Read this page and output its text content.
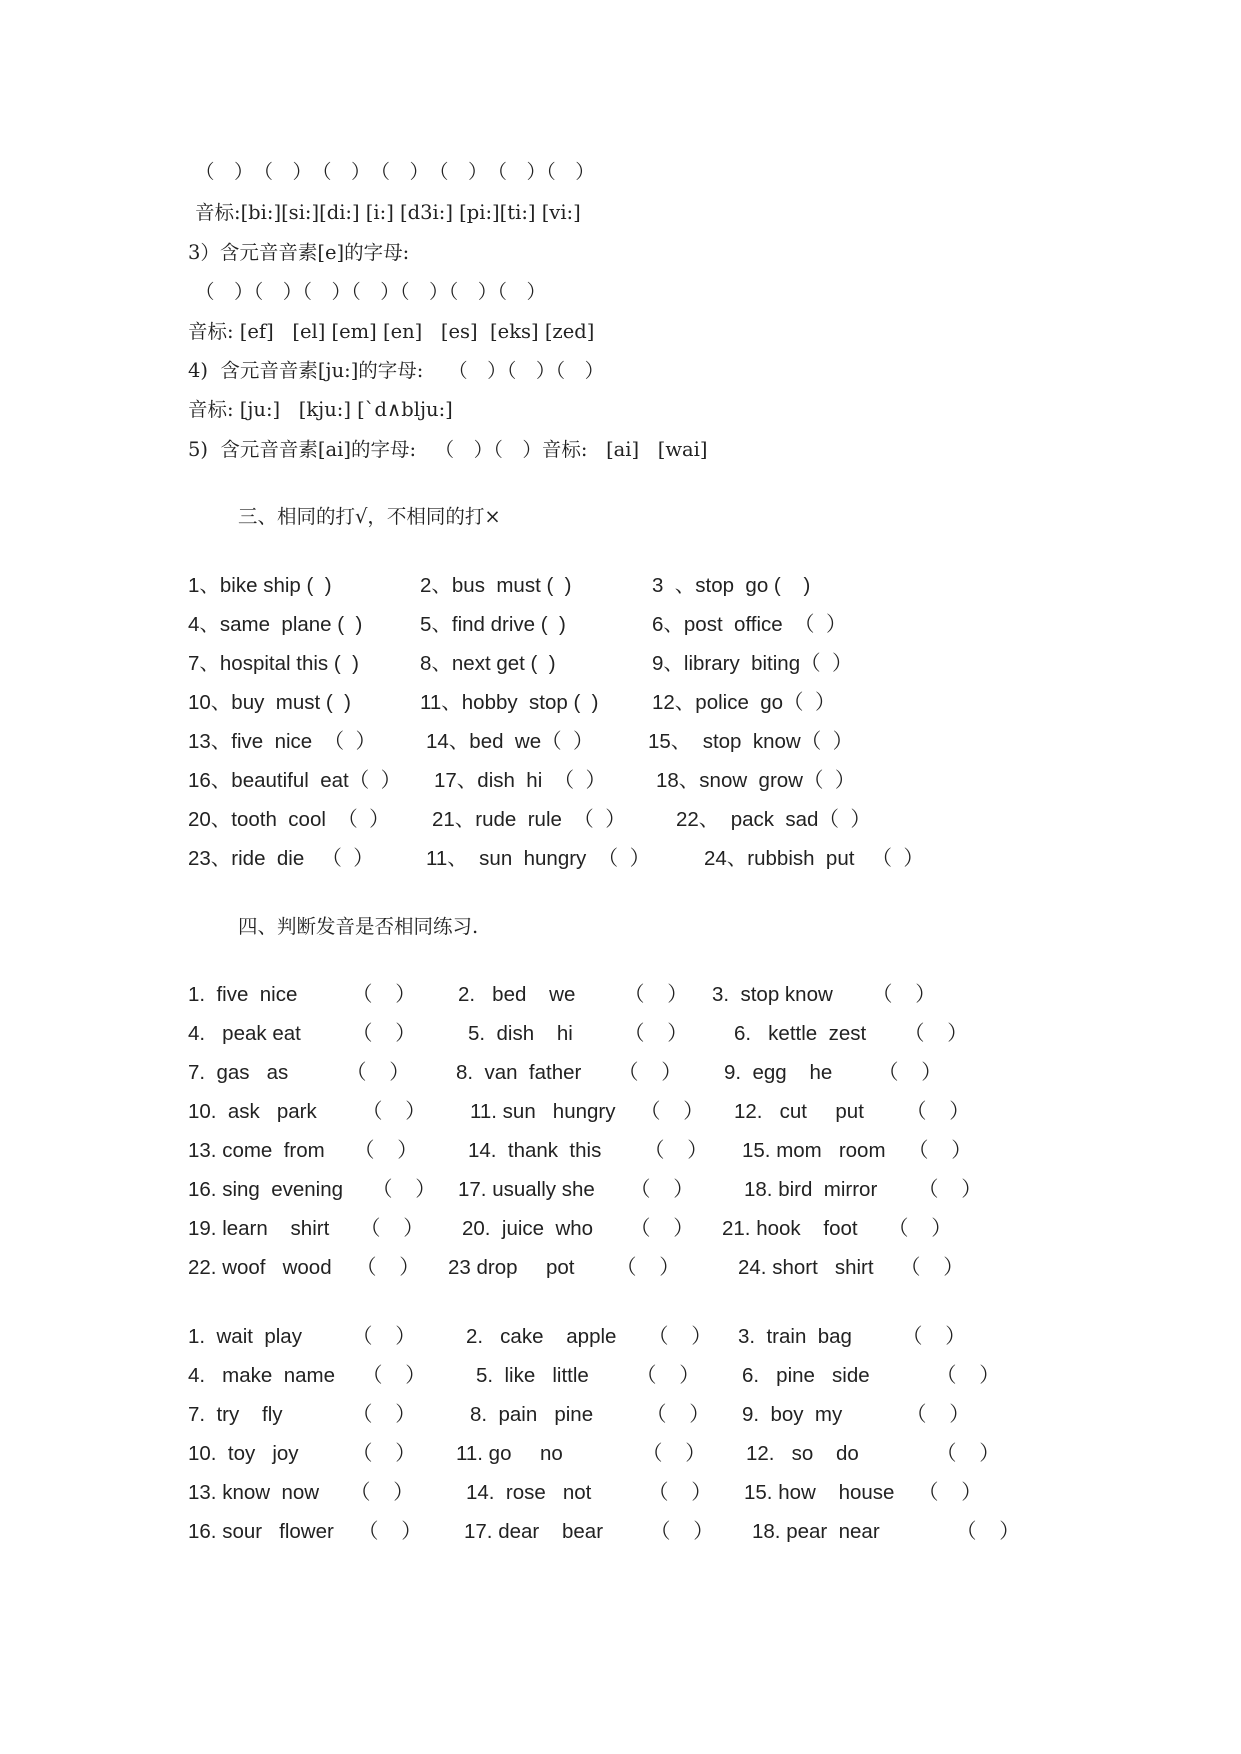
（　）　（　）　（　）　（　）　（　）　（　）（　）
音标:[bi:][si:][di:] [i:] [d3i:] [pi:][ti:] [vi:]
3）含元音音素[e]的字母:
（　）（　）（　）（　）（　）（　）（　）
音标: [ef]   [el] [em] [en]   [es]  [eks] [zed]
4)  含元音音素[ju:]的字母:    （　）（　）（　）
音标: [ju:]   [kju:] [`d∧blju:]
5)  含元音音素[ai]的字母:   （　）（　）音标:   [ai]   [wai]
三、相同的打√，不相同的打×
1、bike ship (  )	2、bus  must (  )	3  、stop  go (    )
4、same  plane (  )	5、find drive (  )	6、post  office  （  ）
7、hospital this (  )	8、next get (  )	9、library  biting（  ）
10、buy  must (  )	11、hobby  stop (  )	12、police  go（  ）
13、five  nice  （  ） 14、bed  we（  ）	15、  stop  know（  ）
16、beautiful  eat（  ） 17、dish  hi  （  ） 18、snow  grow（  ）
20、tooth  cool  （  ） 21、rude  rule  （  ） 22、  pack  sad（  ）
23、ride  die   （  ）	11、  sun  hungry  （  ）	24、rubbish  put   （  ）
四、判断发音是否相同练习.
1.  five  nice	（    ） 2.   bed    we （    ） 3.  stop know （    ）
4.   peak eat （    ）	5.  dish    hi （    ） 6.   kettle  zest （    ）
7.  gas   as	（    ） 8.  van  father （    ） 9.  egg    he （    ）
10.  ask   park （    ） 11. sun   hungry （    ） 12.   cut     put （    ）
13. come  from （    ） 14.  thank  this （    ） 15. mom   room （    ）
16. sing  evening （    ） 17. usually she （    ） 18. bird  mirror （    ）
19. learn    shirt （    ） 20.  juice  who （    ） 21. hook    foot （    ）
22. woof   wood （    ） 23 drop     pot （    ）	24. short   shirt （    ）
1.  wait  play （    ） 2.   cake    apple （    ） 3.  train  bag （    ）
4.   make  name （    ） 5.  like   little （    ） 6.   pine   side	（    ）
7.  try    fly	（    ）	8.  pain   pine	（    ） 9.  boy  my	（    ）
10.  toy   joy	（    ） 11. go     no	（    ） 12.   so    do	（    ）
13. know  now （    ）	14.  rose   not	（    ） 15. how    house （    ）
16. sour   flower （    ） 17. dear    bear （    ） 18. pear  near	（    ）
